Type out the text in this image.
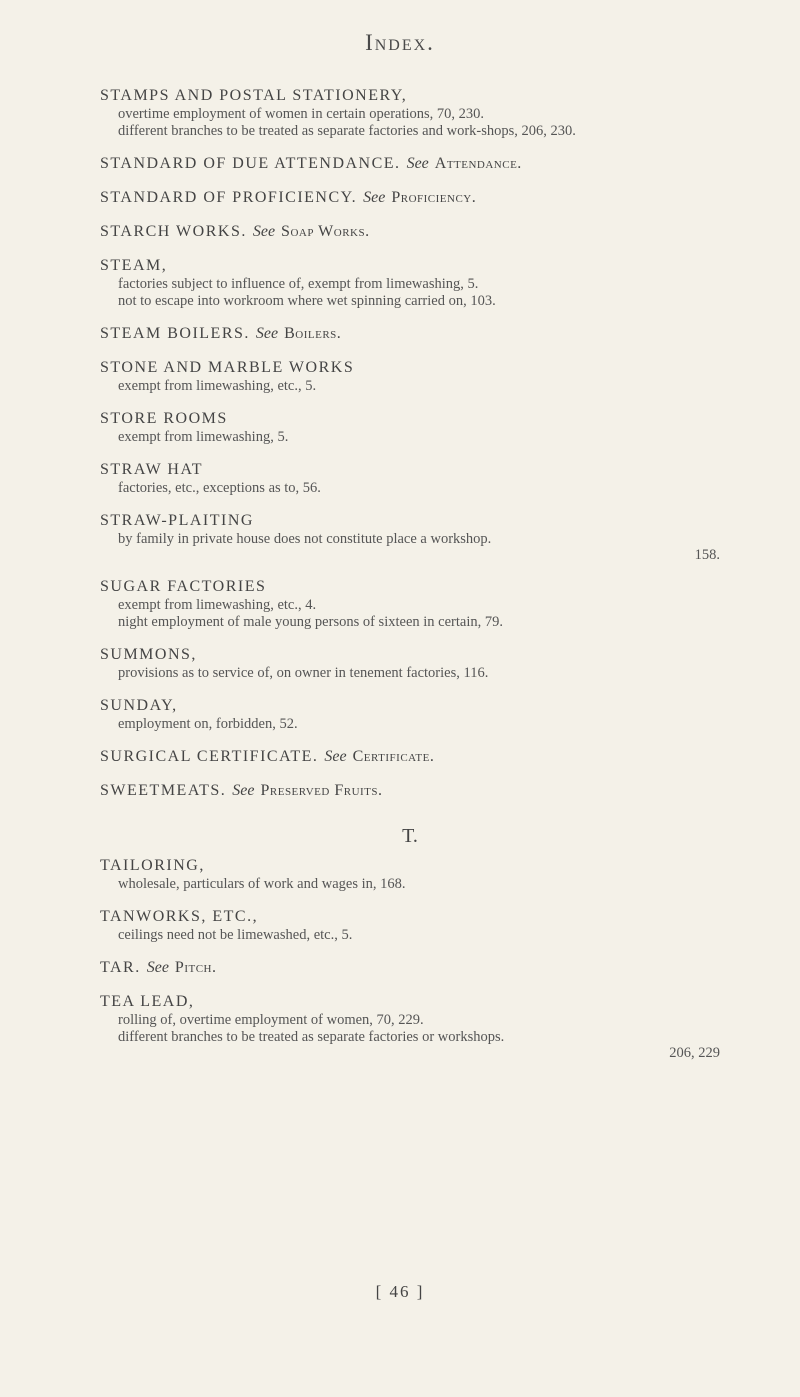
Index.
STAMPS AND POSTAL STATIONERY,
overtime employment of women in certain operations, 70, 230.
different branches to be treated as separate factories and work-shops, 206, 230.
STANDARD OF DUE ATTENDANCE. See Attendance.
STANDARD OF PROFICIENCY. See Proficiency.
STARCH WORKS. See Soap Works.
STEAM,
factories subject to influence of, exempt from limewashing, 5.
not to escape into workroom where wet spinning carried on, 103.
STEAM BOILERS. See Boilers.
STONE AND MARBLE WORKS
exempt from limewashing, etc., 5.
STORE ROOMS
exempt from limewashing, 5.
STRAW HAT
factories, etc., exceptions as to, 56.
STRAW-PLAITING
by family in private house does not constitute place a workshop.
158.
SUGAR FACTORIES
exempt from limewashing, etc., 4.
night employment of male young persons of sixteen in certain, 79.
SUMMONS,
provisions as to service of, on owner in tenement factories, 116.
SUNDAY,
employment on, forbidden, 52.
SURGICAL CERTIFICATE. See Certificate.
SWEETMEATS. See Preserved Fruits.
T.
TAILORING,
wholesale, particulars of work and wages in, 168.
TANWORKS, ETC.,
ceilings need not be limewashed, etc., 5.
TAR. See Pitch.
TEA LEAD,
rolling of, overtime employment of women, 70, 229.
different branches to be treated as separate factories or workshops.
206, 229
[ 46 ]
